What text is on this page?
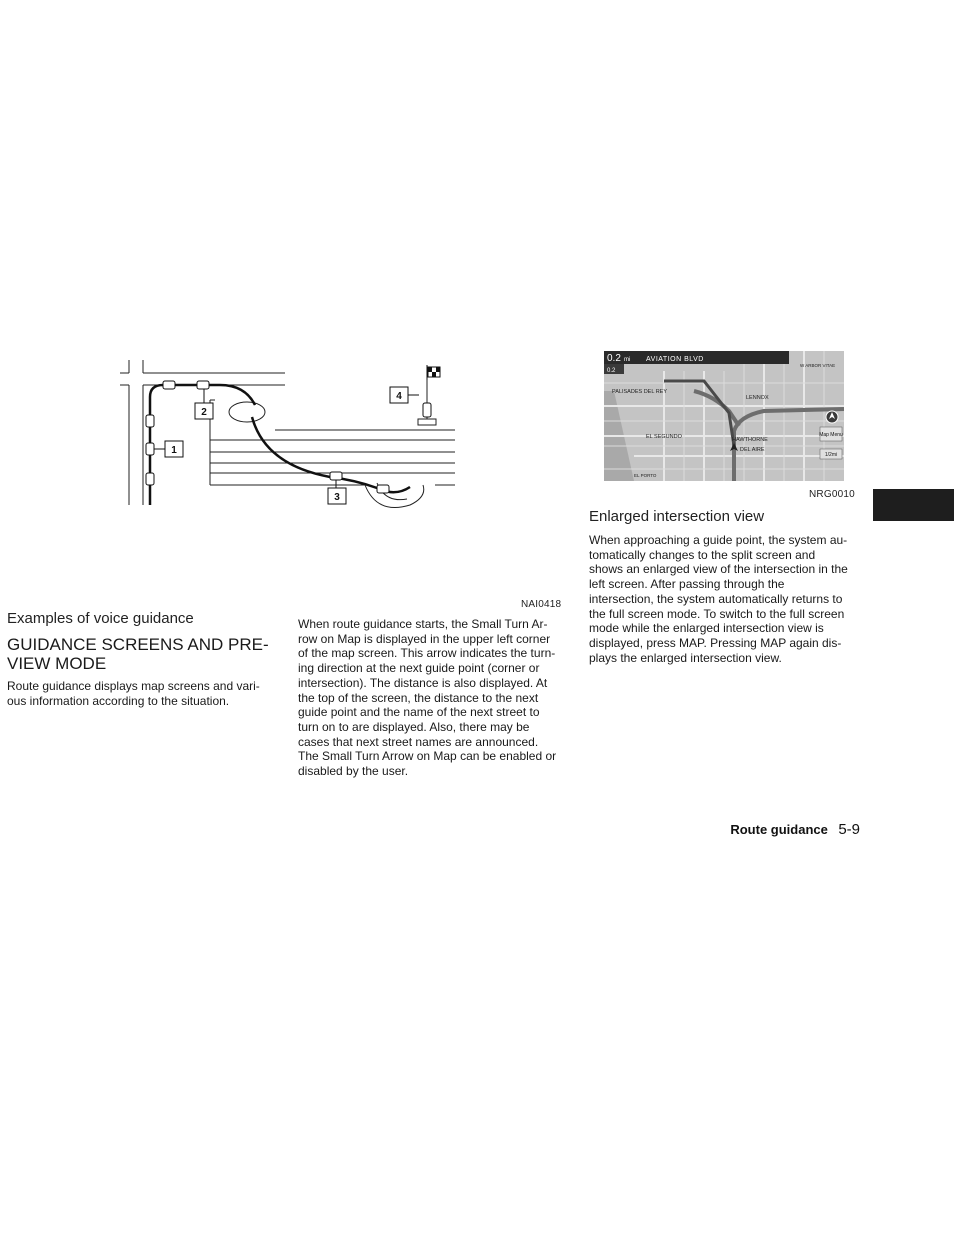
1
2
3
4
NAI0418
0.2 mi AVIATION BLVD
0.2
PALISADES DEL REY
LENNOX
EL SEGUNDO	HAWTHORNE
DEL AIRE
W ARBOR VITAE
EL PORTO
Map Menu
1/2mi
NRG0010
Examples of voice guidance
GUIDANCE SCREENS AND PRE-
VIEW MODE
Route guidance displays map screens and vari-
ous information according to the situation.
When route guidance starts, the Small Turn Ar-
row on Map is displayed in the upper left corner
of the map screen. This arrow indicates the turn-
ing direction at the next guide point (corner or
intersection). The distance is also displayed. At
the top of the screen, the distance to the next
guide point and the name of the next street to
turn on to are displayed. Also, there may be
cases that next street names are announced.
The Small Turn Arrow on Map can be enabled or
disabled by the user.
Enlarged intersection view
When approaching a guide point, the system au-
tomatically changes to the split screen and
shows an enlarged view of the intersection in the
left screen. After passing through the
intersection, the system automatically returns to
the full screen mode. To switch to the full screen
mode while the enlarged intersection view is
displayed, press MAP. Pressing MAP again dis-
plays the enlarged intersection view.
Route guidance 5-9
